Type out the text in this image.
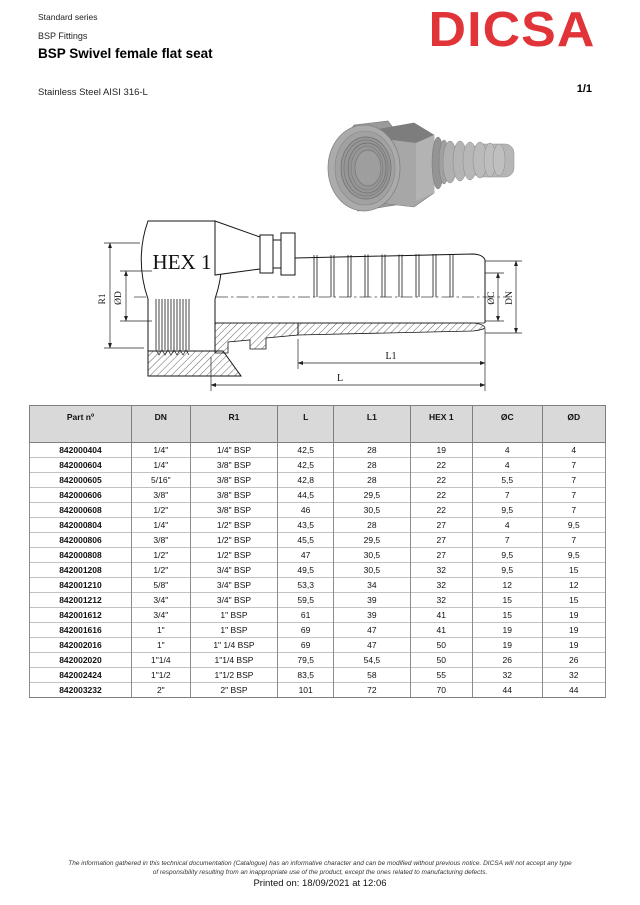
Standard series
BSP Fittings
BSP Swivel female flat seat	DICSA
Stainless Steel AISI 316-L	1/1
HEX 1
R1 ØD	ØC DN
L1
L
Part nº	DN	R1	L	L1	HEX 1	ØC	ØD
842000404	1/4"	1/4" BSP	42,5	28	19	4	4
842000604	1/4"	3/8" BSP	42,5	28	22	4	7
842000605	5/16"	3/8" BSP	42,8	28	22	5,5	7
842000606	3/8"	3/8" BSP	44,5	29,5	22	7	7
842000608	1/2"	3/8" BSP	46	30,5	22	9,5	7
842000804	1/4"	1/2" BSP	43,5	28	27	4	9,5
842000806	3/8"	1/2" BSP	45,5	29,5	27	7	7
842000808	1/2"	1/2" BSP	47	30,5	27	9,5	9,5
842001208	1/2"	3/4" BSP	49,5	30,5	32	9,5	15
842001210	5/8"	3/4" BSP	53,3	34	32	12	12
842001212	3/4"	3/4" BSP	59,5	39	32	15	15
842001612	3/4"	1" BSP	61	39	41	15	19
842001616	1"	1" BSP	69	47	41	19	19
842002016	1"	1" 1/4 BSP	69	47	50	19	19
842002020	1"1/4	1"1/4 BSP	79,5	54,5	50	26	26
842002424	1"1/2	1"1/2 BSP	83,5	58	55	32	32
842003232	2"	2" BSP	101	72	70	44	44
The information gathered in this technical documentation (Catalogue) has an informative character and can be modified without previous notice. DICSA will not accept any type
of responsibility resulting from an inappropriate use of the product, except the ones related to manufacturing defects.
Printed on: 18/09/2021 at 12:06
